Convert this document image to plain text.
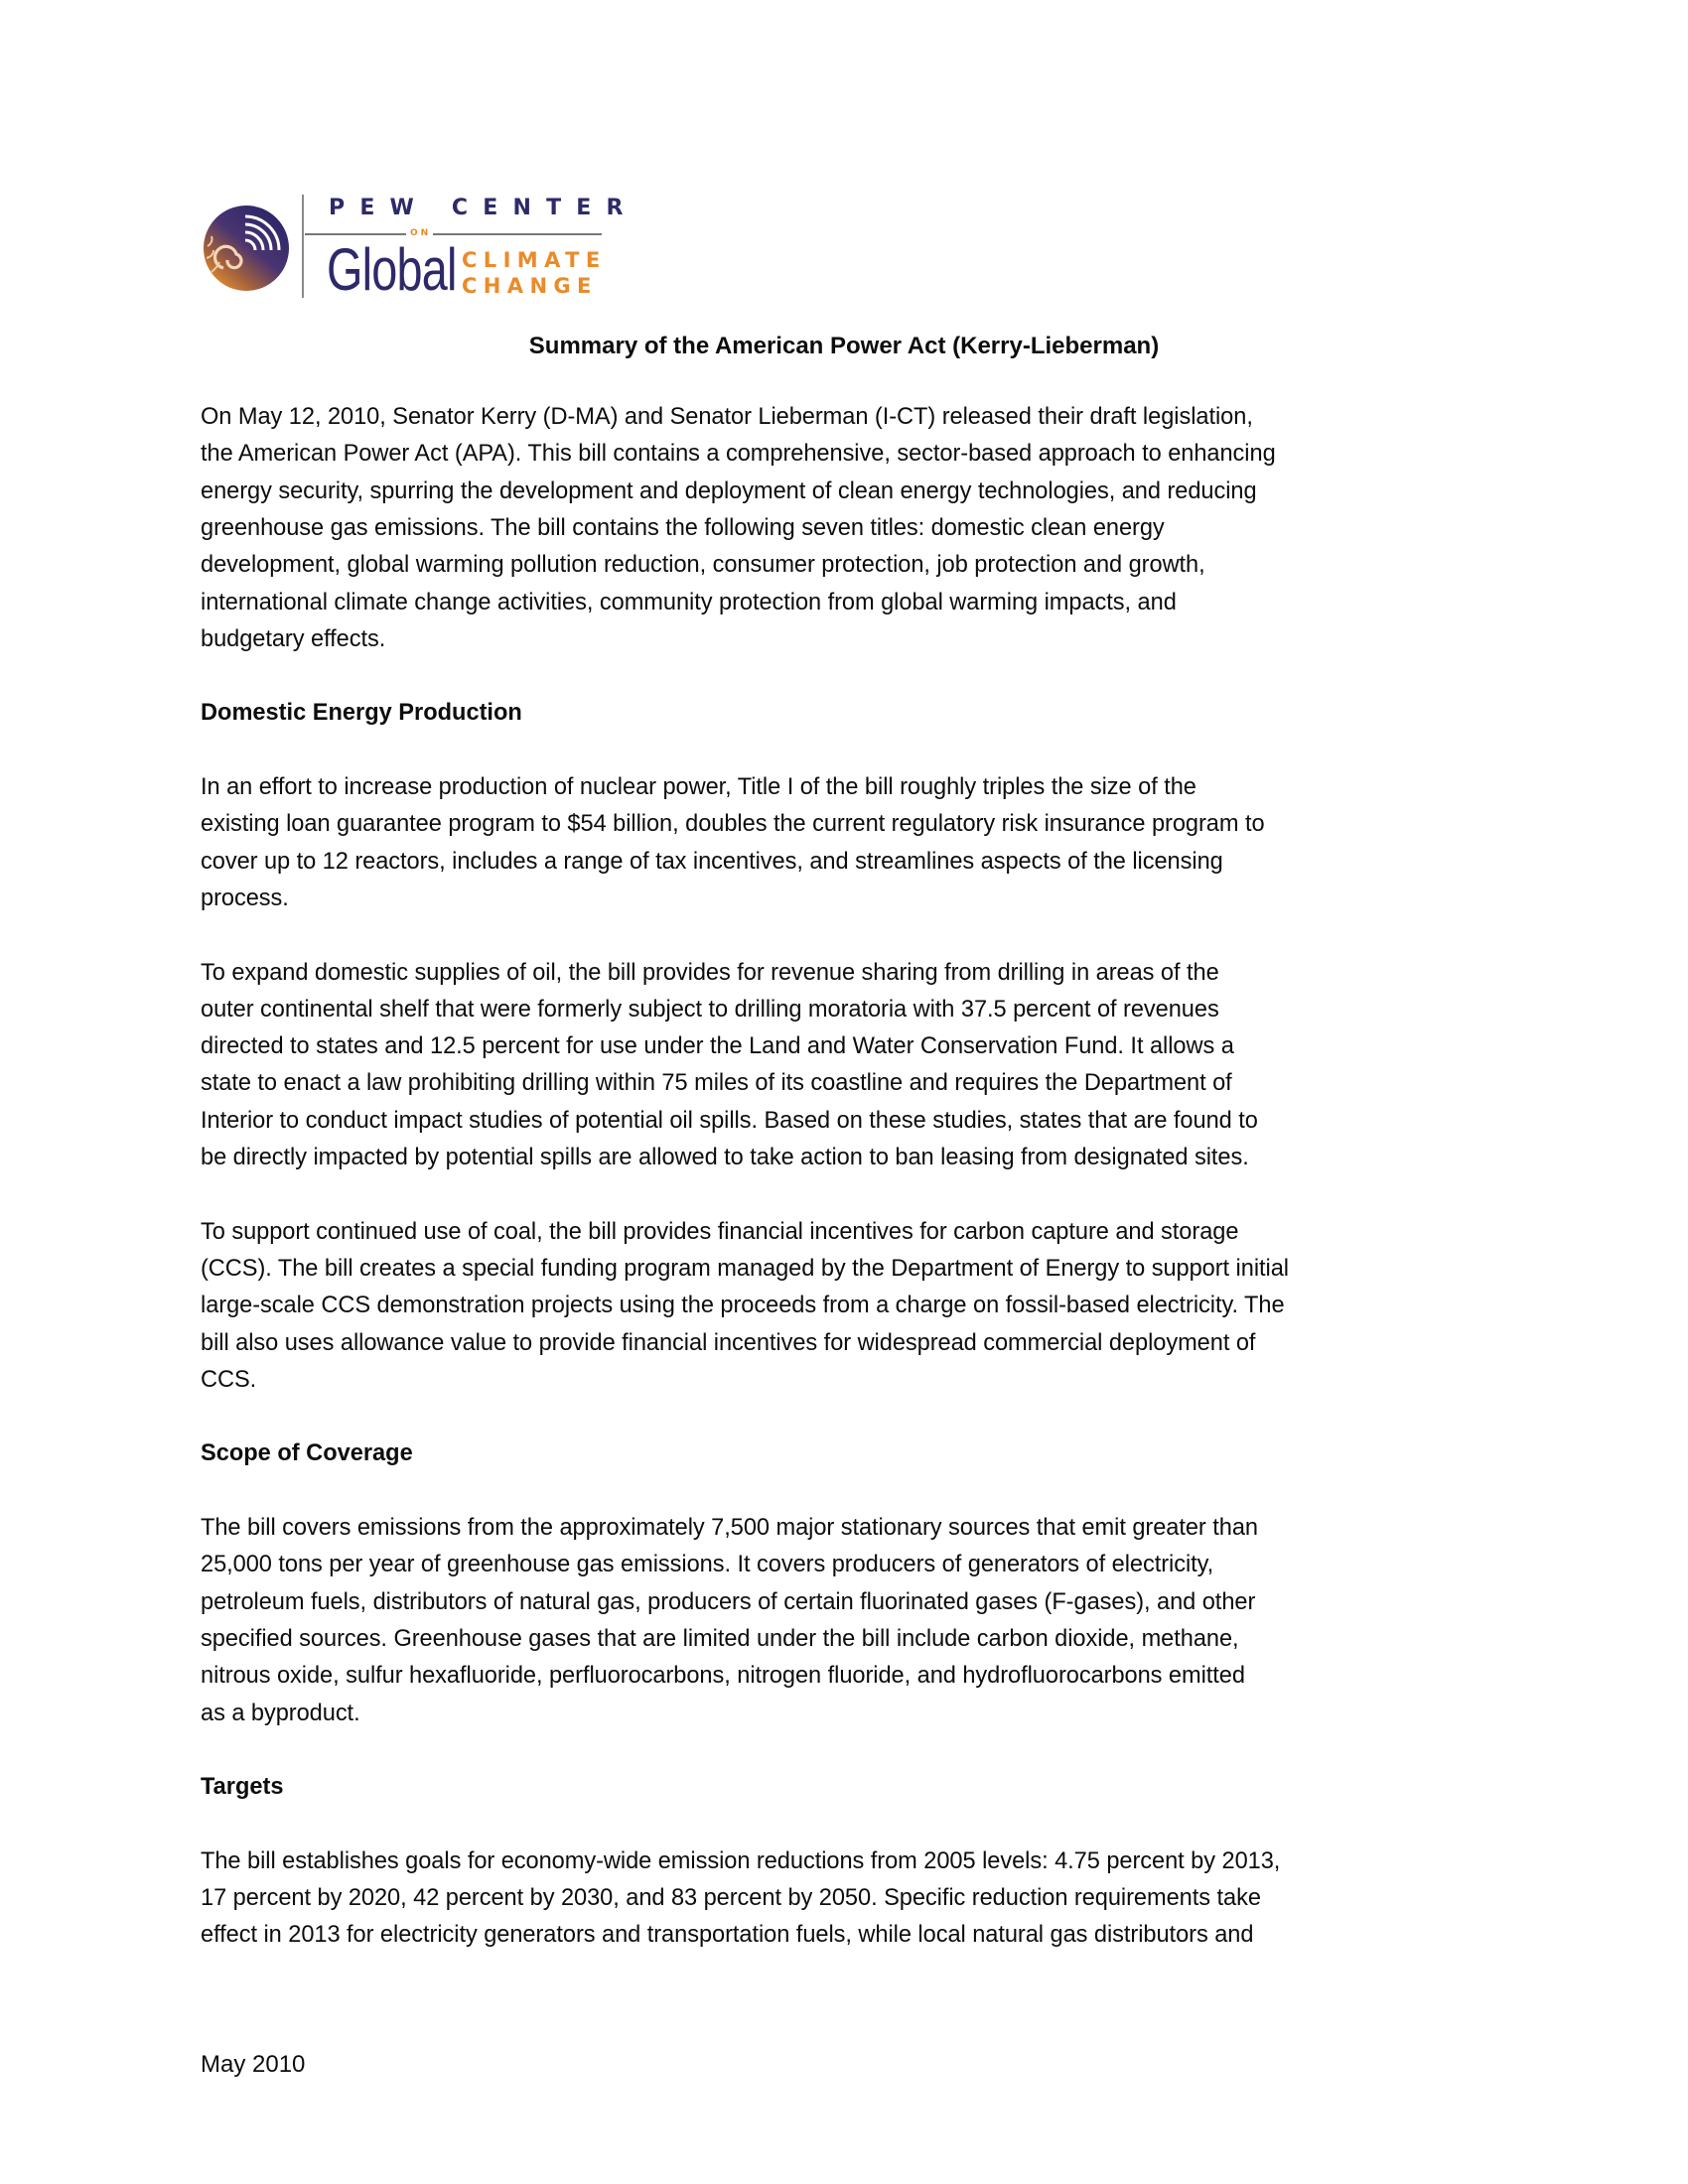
PEW CENTER
ON
Global CLIMATE
CHANGE
Summary of the American Power Act (Kerry-Lieberman)
On May 12, 2010, Senator Kerry (D-MA) and Senator Lieberman (I-CT) released their draft legislation,
the American Power Act (APA). This bill contains a comprehensive, sector-based approach to enhancing
energy security, spurring the development and deployment of clean energy technologies, and reducing
greenhouse gas emissions. The bill contains the following seven titles: domestic clean energy
development, global warming pollution reduction, consumer protection, job protection and growth,
international climate change activities, community protection from global warming impacts, and
budgetary effects.
Domestic Energy Production
In an effort to increase production of nuclear power, Title I of the bill roughly triples the size of the
existing loan guarantee program to $54 billion, doubles the current regulatory risk insurance program to
cover up to 12 reactors, includes a range of tax incentives, and streamlines aspects of the licensing
process.
To expand domestic supplies of oil, the bill provides for revenue sharing from drilling in areas of the
outer continental shelf that were formerly subject to drilling moratoria with 37.5 percent of revenues
directed to states and 12.5 percent for use under the Land and Water Conservation Fund. It allows a
state to enact a law prohibiting drilling within 75 miles of its coastline and requires the Department of
Interior to conduct impact studies of potential oil spills. Based on these studies, states that are found to
be directly impacted by potential spills are allowed to take action to ban leasing from designated sites.
To support continued use of coal, the bill provides financial incentives for carbon capture and storage
(CCS). The bill creates a special funding program managed by the Department of Energy to support initial
large-scale CCS demonstration projects using the proceeds from a charge on fossil-based electricity. The
bill also uses allowance value to provide financial incentives for widespread commercial deployment of
CCS.
Scope of Coverage
The bill covers emissions from the approximately 7,500 major stationary sources that emit greater than
25,000 tons per year of greenhouse gas emissions. It covers producers of generators of electricity,
petroleum fuels, distributors of natural gas, producers of certain fluorinated gases (F-gases), and other
specified sources. Greenhouse gases that are limited under the bill include carbon dioxide, methane,
nitrous oxide, sulfur hexafluoride, perfluorocarbons, nitrogen fluoride, and hydrofluorocarbons emitted
as a byproduct.
Targets
The bill establishes goals for economy-wide emission reductions from 2005 levels: 4.75 percent by 2013,
17 percent by 2020, 42 percent by 2030, and 83 percent by 2050. Specific reduction requirements take
effect in 2013 for electricity generators and transportation fuels, while local natural gas distributors and
May 2010
